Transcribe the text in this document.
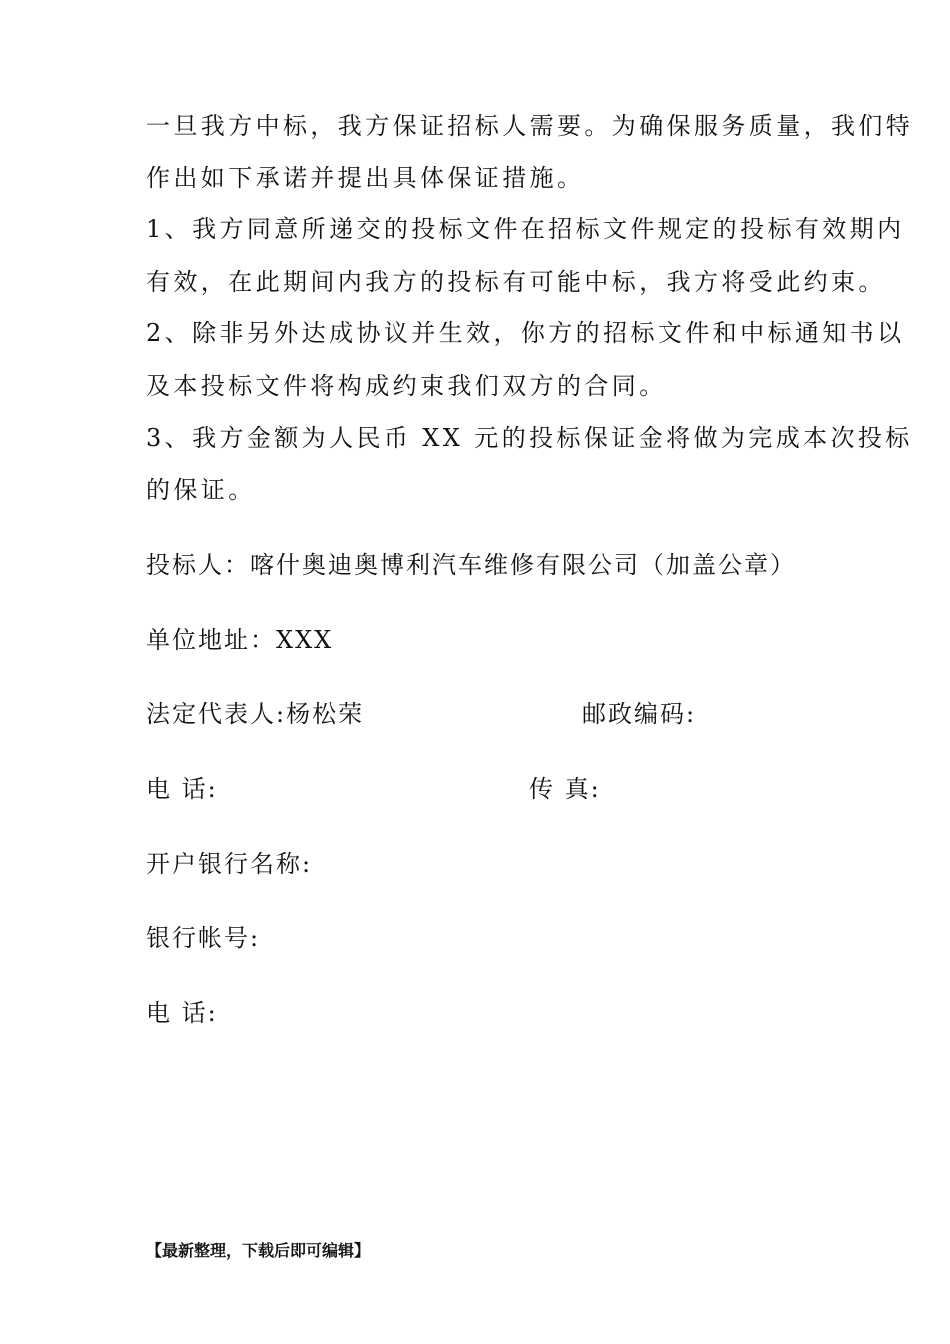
一旦我方中标，我方保证招标人需要。为确保服务质量，我们特
作出如下承诺并提出具体保证措施。
1、我方同意所递交的投标文件在招标文件规定的投标有效期内
有效，在此期间内我方的投标有可能中标，我方将受此约束。
2、除非另外达成协议并生效，你方的招标文件和中标通知书以
及本投标文件将构成约束我们双方的合同。
3、我方金额为人民币 XX 元的投标保证金将做为完成本次投标
的保证。
投标人：喀什奥迪奥博利汽车维修有限公司（加盖公章）
单位地址：XXX
法定代表人:杨松荣	邮政编码:
电 话:	传 真:
开户银行名称:
银行帐号:
电 话:
【最新整理，下载后即可编辑】
